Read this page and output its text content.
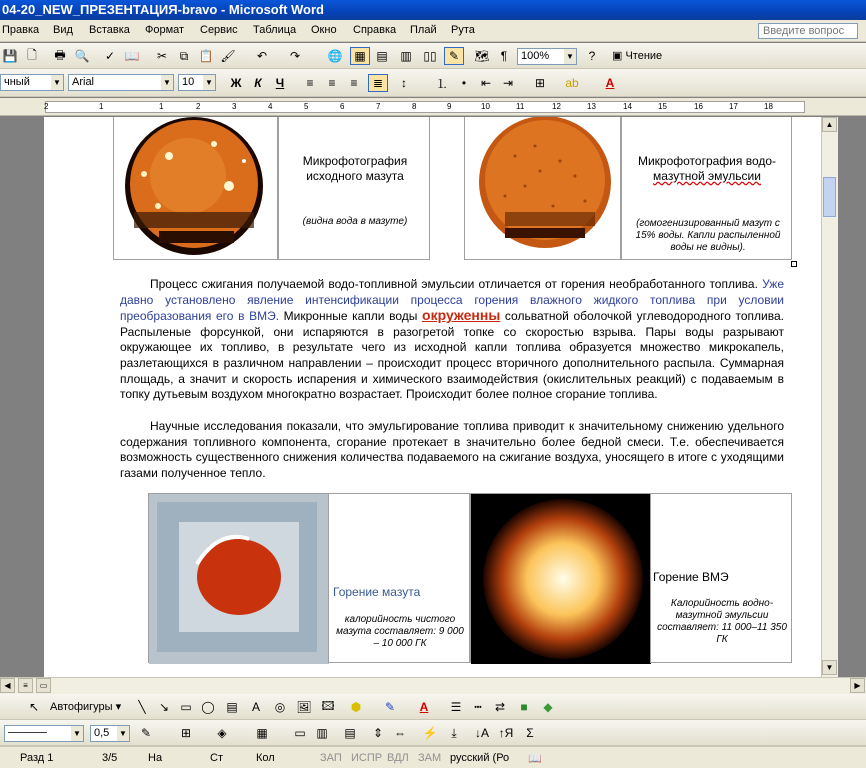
04-20_NEW_ПРЕЗЕНТАЦИЯ-bravo - Microsoft Word
Правка Вид Вставка Формат Сервис Таблица Окно Справка Плай Рута	Введите вопрос
💾 🗋	🖶 🔍	✓ 📖	✂	⧉ 📋 🖌	↶	↷	🌐 ▦ ▤	▥ ▯▯	✎	🗺 ¶	100% ▼	?	▣ Чтение
чный	▼	Arial	▼	10 ▼	Ж	К	Ч	≡	≡	≡	≣	↕	⒈	•	⇤ ⇥	⊞	ab	A
2	1	1	2	3	4	5	6	7	8	9	10	11	12	13	14	15	16	17	18
Микрофотография исходного мазута
(видна вода в мазуте)
Микрофотография водо-
мазутной эмульсии
(гомогенизированный мазут с 15% воды. Капли распыленной воды не видны).
Процесс сжигания получаемой водо-топливной эмульсии отличается от горения необработанного топлива. Уже давно установлено явление интенсификации процесса горения влажного жидкого топлива при условии преобразования его в ВМЭ. Микронные капли воды окруженны сольватной оболочкой углеводородного топлива. Распыленые форсункой, они испаряются в разогретой топке со скоростью взрыва. Пары воды разрывают окружающее их топливо, в результате чего из исходной капли топлива образуется множество микрокапель, разлетающихся в различном направлении – происходит процесс вторичного дополнительного распыла. Суммарная площадь, а значит и скорость испарения и химического взаимодействия (окислительных реакций) с подаваемым в топку дутьевым воздухом многократно возрастает. Происходит более полное сгорание топлива.
Научные исследования показали, что эмульгирование топлива приводит к значительному снижению удельного содержания топливного компонента, сгорание протекает в значительно более бедной смеси. Т.е. обеспечивается возможность существенного снижения количества подаваемого на сжигание воздуха, уносящего в итоге с уходящими газами полученное тепло.
Горение мазута
калорийность чистого мазута составляет: 9 000 – 10 000 ГК
Горение ВМЭ
Калорийность водно-мазутной эмульсии составляет: 11 000–11 350 ГК
▲
▼
◀	≡	▭	▶
↖ Автофигуры ▾	╲	↘ ▭ ◯ ▤	A	◎ 🖼 🖾	⬢	✎	A	☰	┅	⇄	■	◆
─────	▼	0,5 ▼	✎	⊞	◈	▦	▭ ▥	▤	⇕ ⇔	⚡	⤓	↓A ↑Я	Σ
Разд 1	3/5	На	Ст	Кол	ЗАП ИСПР ВДЛ ЗАМ русский (Ро 📖
